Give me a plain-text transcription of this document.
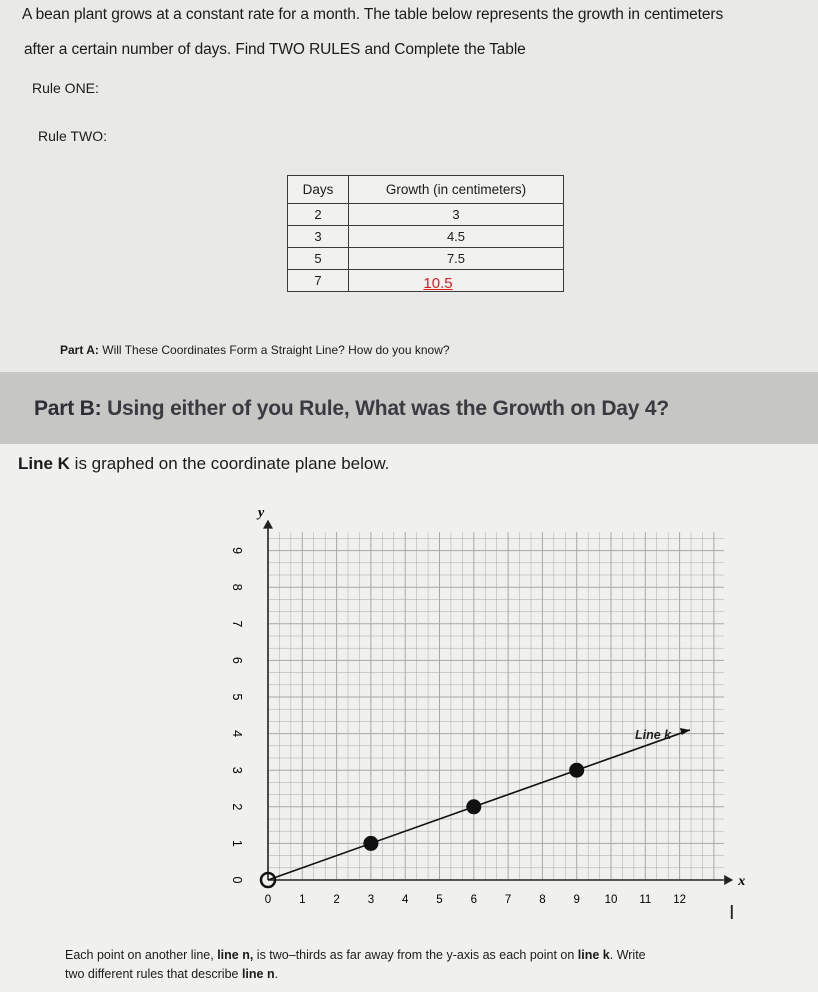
A bean plant grows at a constant rate for a month. The table below represents the growth in centimeters
after a certain number of days. Find TWO RULES and Complete the Table
Rule ONE:
Rule TWO:
Days	Growth (in centimeters)
2	3
3	4.5
5	7.5
7	10.5
Part A: Will These Coordinates Form a Straight Line? How do you know?
Part B: Using either of you Rule, What was the Growth on Day 4?
Line K is graphed on the coordinate plane below.
x
y
0 1 2 3 4 5 6 7 8 9 10 11 12
0
1
2
3
4
5
6
7
8
9
Line k
I
Each point on another line, line n, is two–thirds as far away from the y-axis as each point on line k. Write
two different rules that describe line n.
